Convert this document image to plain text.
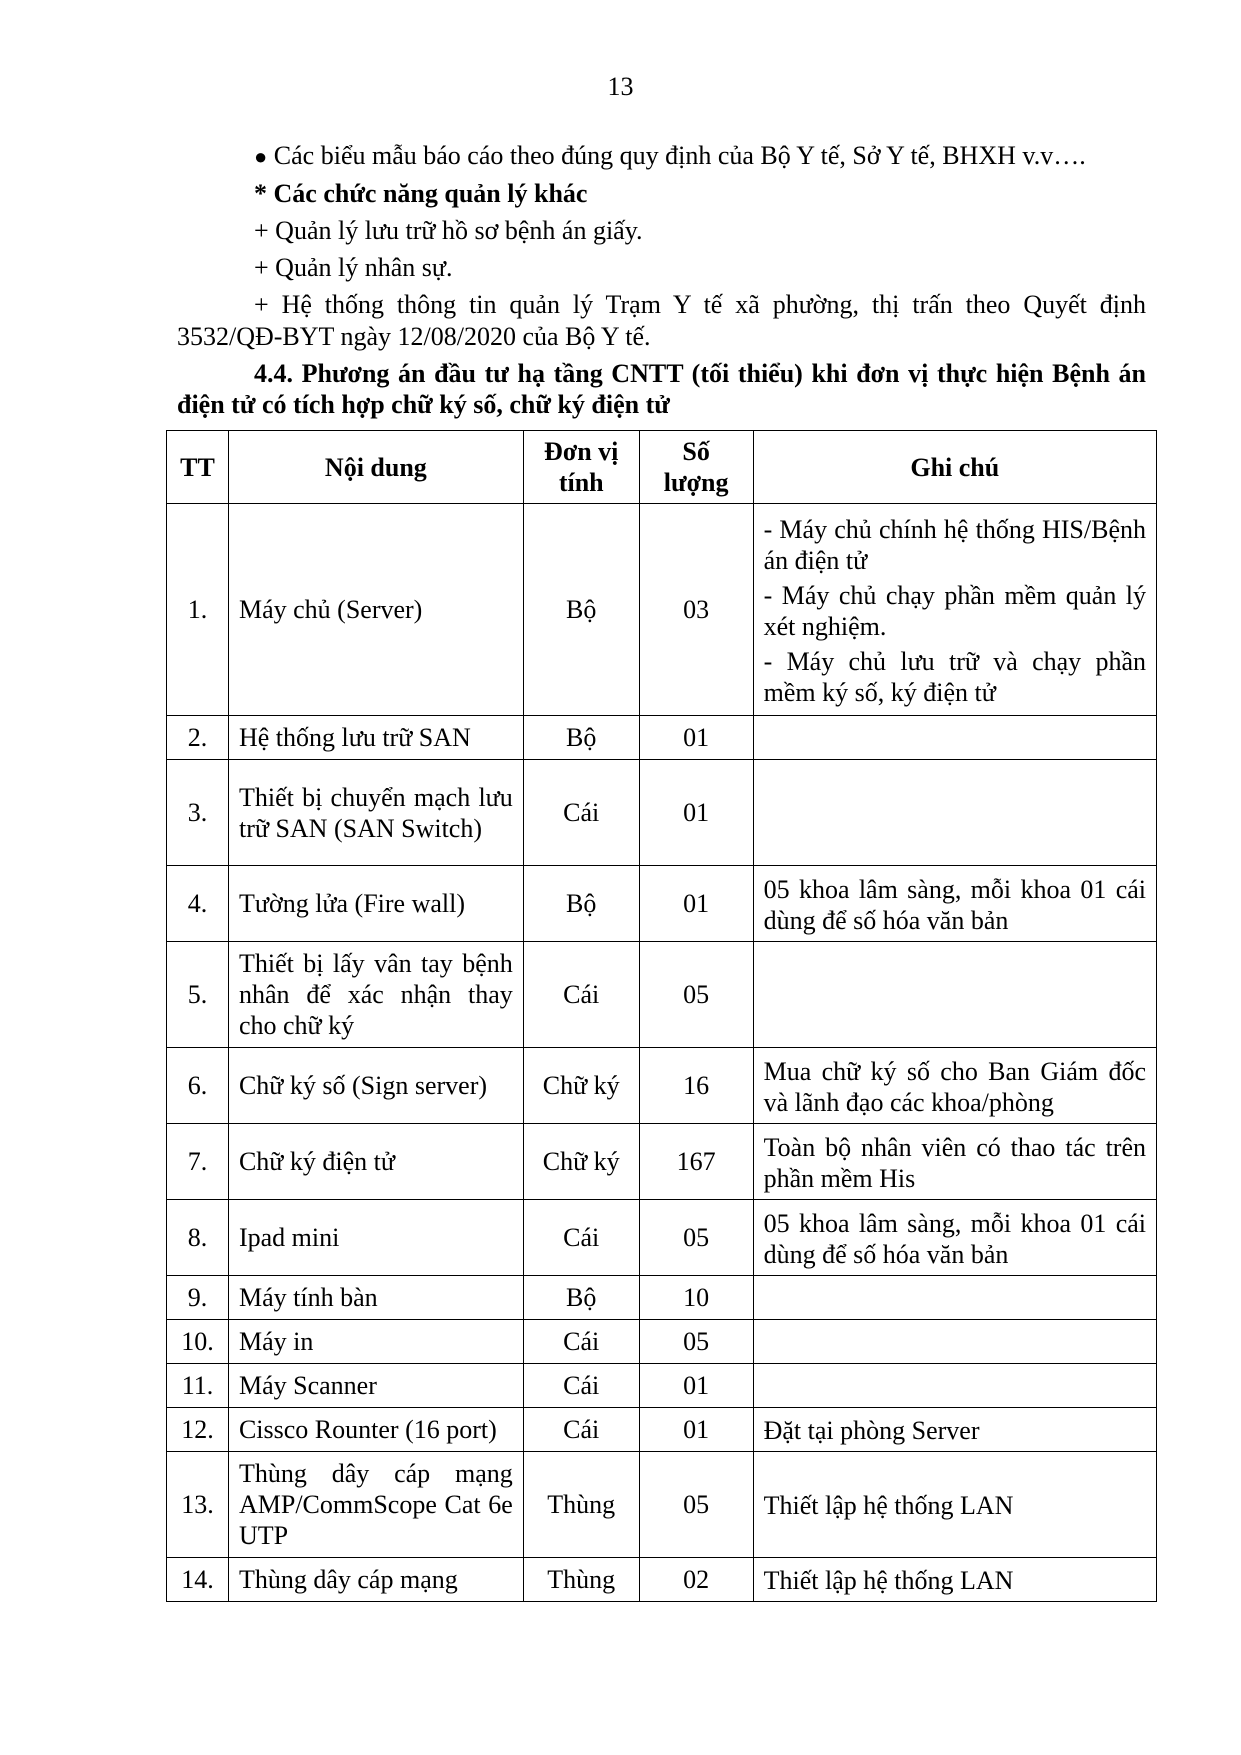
13

● Các biểu mẫu báo cáo theo đúng quy định của Bộ Y tế, Sở Y tế, BHXH v.v….

* Các chức năng quản lý khác

+ Quản lý lưu trữ hồ sơ bệnh án giấy.

+ Quản lý nhân sự.

+ Hệ thống thông tin quản lý Trạm Y tế xã phường, thị trấn theo Quyết định 3532/QĐ-BYT ngày 12/08/2020 của Bộ Y tế.

4.4. Phương án đầu tư hạ tầng CNTT (tối thiểu) khi đơn vị thực hiện Bệnh án điện tử có tích hợp chữ ký số, chữ ký điện tử

TT	Nội dung	Đơn vị tính	Số lượng	Ghi chú
1.	Máy chủ (Server)	Bộ	03	- Máy chủ chính hệ thống HIS/Bệnh án điện tử
- Máy chủ chạy phần mềm quản lý xét nghiệm.
- Máy chủ lưu trữ và chạy phần mềm ký số, ký điện tử

2.	Hệ thống lưu trữ SAN	Bộ	01	
3.	Thiết bị chuyển mạch lưu trữ SAN (SAN Switch)	Cái	01	
4.	Tường lửa (Fire wall)	Bộ	01	05 khoa lâm sàng, mỗi khoa 01 cái dùng để số hóa văn bản

5.	Thiết bị lấy vân tay bệnh nhân để xác nhận thay cho chữ ký	Cái	05	
6.	Chữ ký số (Sign server)	Chữ ký	16	Mua chữ ký số cho Ban Giám đốc và lãnh đạo các khoa/phòng

7.	Chữ ký điện tử	Chữ ký	167	Toàn bộ nhân viên có thao tác trên phần mềm His

8.	Ipad mini	Cái	05	05 khoa lâm sàng, mỗi khoa 01 cái dùng để số hóa văn bản

9.	Máy tính bàn	Bộ	10	
10.	Máy in	Cái	05	
11.	Máy Scanner	Cái	01	
12.	Cissco Rounter (16 port)	Cái	01	Đặt tại phòng Server

13.	Thùng dây cáp mạng AMP/CommScope Cat 6e UTP	Thùng	05	Thiết lập hệ thống LAN

14.	Thùng dây cáp mạng	Thùng	02	Thiết lập hệ thống LAN
